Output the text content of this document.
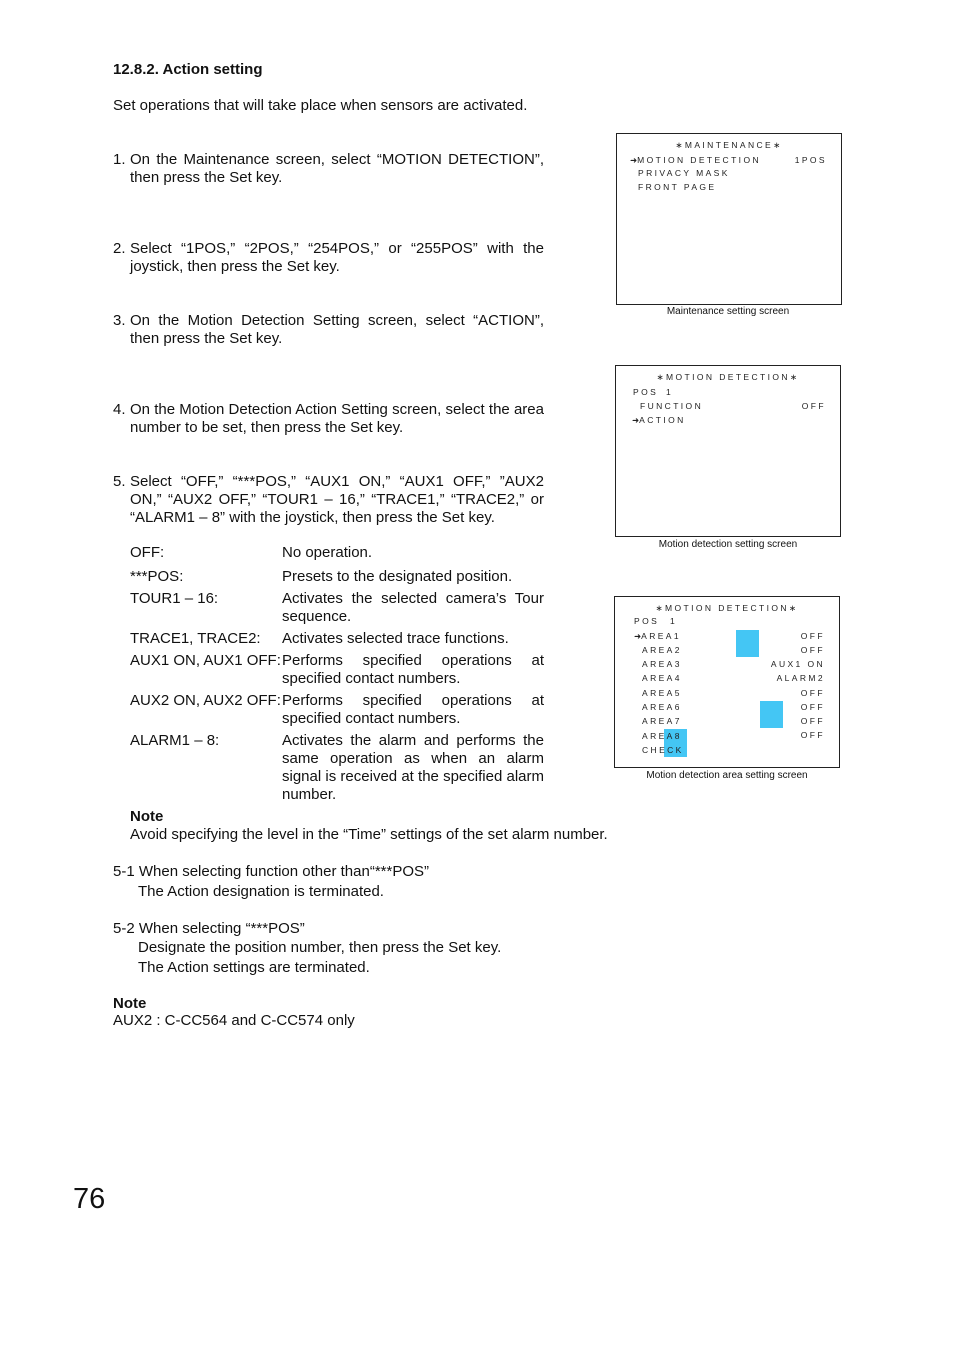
12.8.2. Action setting
Set operations that will take place when sensors are activated.
1. On the Maintenance screen, select “MOTION DETECTION”, then press the Set key.
2. Select “1POS,” “2POS,” “254POS,” or “255POS” with the joystick, then press the Set key.
3. On the Motion Detection Setting screen, select “ACTION”, then press the Set key.
4. On the Motion Detection Action Setting screen, select the area number to be set, then press the Set key.
5. Select “OFF,” “***POS,” “AUX1 ON,” “AUX1 OFF,” ”AUX2 ON,” “AUX2 OFF,” “TOUR1 – 16,” “TRACE1,” “TRACE2,” or “ALARM1 – 8” with the joystick, then press the Set key.
OFF:	No operation.
***POS:	Presets to the designated position.
TOUR1 – 16:	Activates the selected camera’s Tour sequence.
TRACE1, TRACE2: Activates selected trace functions.
AUX1 ON, AUX1 OFF: Performs specified operations at specified contact numbers.
AUX2 ON, AUX2 OFF: Performs specified operations at specified contact numbers.
ALARM1 – 8:	Activates the alarm and performs the same operation as when an alarm signal is received at the specified alarm number.
Note
Avoid specifying the level in the “Time” settings of the set alarm number.
5-1 When selecting function other than“***POS”
The Action designation is terminated.
5-2 When selecting “***POS”
Designate the position number, then press the Set key.
The Action settings are terminated.
Note
AUX2 : C-CC564 and C-CC574 only
76
∗MAINTENANCE∗
➜MOTION DETECTION	1POS
PRIVACY MASK
FRONT PAGE
Maintenance setting screen
∗MOTION DETECTION∗
POS 1
FUNCTION	OFF
➜ACTION
Motion detection setting screen
∗MOTION DETECTION∗
POS 1
➜AREA1	OFF
AREA2	OFF
AREA3	AUX1 ON
AREA4	ALARM2
AREA5	OFF
AREA6	OFF
AREA7	OFF
AREA8	OFF
CHECK
Motion detection area setting screen
